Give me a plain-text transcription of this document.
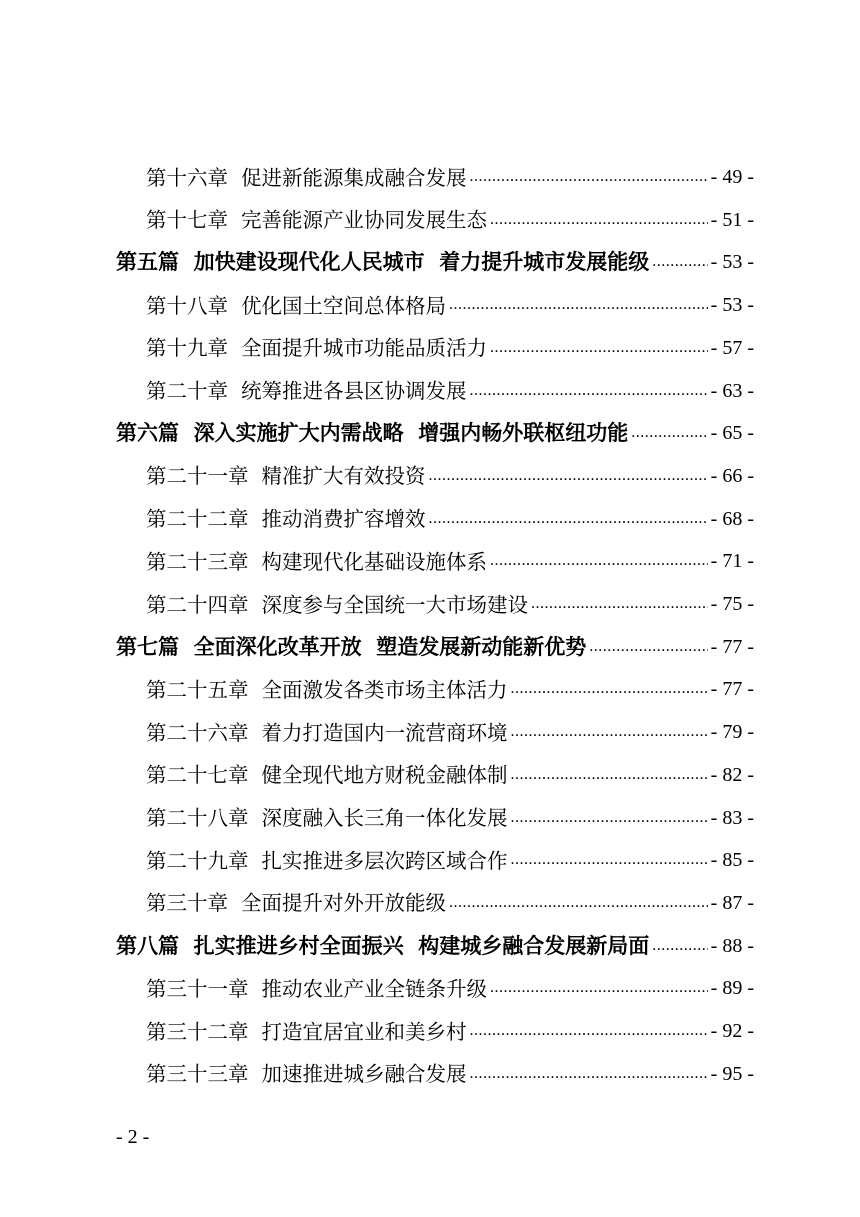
第十六章  促进新能源集成融合发展 .....	- 49 -
第十七章  完善能源产业协同发展生态 .....	- 51 -
第五篇  加快建设现代化人民城市  着力提升城市发展能级 .....	- 53 -
第十八章  优化国土空间总体格局 .....	- 53 -
第十九章  全面提升城市功能品质活力 .....	- 57 -
第二十章  统筹推进各县区协调发展 .....	- 63 -
第六篇  深入实施扩大内需战略  增强内畅外联枢纽功能 .....	- 65 -
第二十一章  精准扩大有效投资 .....	- 66 -
第二十二章  推动消费扩容增效 .....	- 68 -
第二十三章  构建现代化基础设施体系 .....	- 71 -
第二十四章  深度参与全国统一大市场建设 .....	- 75 -
第七篇  全面深化改革开放  塑造发展新动能新优势 .....	- 77 -
第二十五章  全面激发各类市场主体活力 .....	- 77 -
第二十六章  着力打造国内一流营商环境 .....	- 79 -
第二十七章  健全现代地方财税金融体制 .....	- 82 -
第二十八章  深度融入长三角一体化发展 .....	- 83 -
第二十九章  扎实推进多层次跨区域合作 .....	- 85 -
第三十章  全面提升对外开放能级 .....	- 87 -
第八篇  扎实推进乡村全面振兴  构建城乡融合发展新局面 .....	- 88 -
第三十一章  推动农业产业全链条升级 .....	- 89 -
第三十二章  打造宜居宜业和美乡村 .....	- 92 -
第三十三章  加速推进城乡融合发展 .....	- 95 -
- 2 -
